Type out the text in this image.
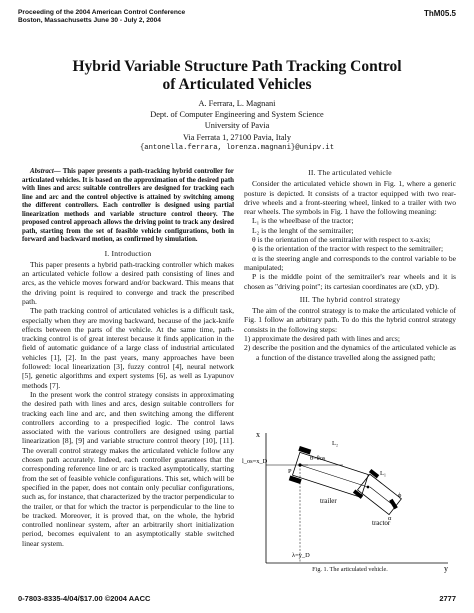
Proceeding of the 2004 American Control Conference
Boston, Massachusetts June 30 - July 2, 2004
ThM05.5
Hybrid Variable Structure Path Tracking Control
of Articulated Vehicles
A. Ferrara, L. Magnani
Dept. of Computer Engineering and System Science
University of Pavia
Via Ferrata 1, 27100 Pavia, Italy
{antonella.ferrara, lorenza.magnani}@unipv.it

Abstract— This paper presents a path-tracking hybrid controller for articulated vehicles. It is based on the approximation of the desired path with lines and arcs: suitable controllers are designed for tracking each line and arc and the control objective is attained by switching among the different controllers. Each controller is designed using partial linearization methods and variable structure control theory. The proposed control approach allows the driving point to track any desired path, starting from the set of feasible vehicle configurations, both in forward and backward motion, as confirmed by simulation.

I. Introduction

This paper presents a hybrid path-tracking controller which makes an articulated vehicle follow a desired path consisting of lines and arcs, as the vehicle moves forward and/or backward. This means that the driving point is required to converge and track the prescribed path.

The path tracking control of articulated vehicles is a difficult task, especially when they are moving backward, because of the jack-knife effects between the parts of the vehicle. At the same time, path-tracking control is of great interest because it finds application in the field of automatic guidance of a large class of industrial articulated vehicles [1], [2]. In the past years, many approaches have been followed: local linearization [3], fuzzy control [4], neural network [5], genetic algorithms and expert systems [6], as well as Lyapunov methods [7].

In the present work the control strategy consists in approximating the desired path with lines and arcs, design suitable controllers for tracking each line and arc, and then switching among the different controllers according to a prespecified logic. The control laws associated with the various controllers are designed using partial linearization [8], [9] and variable structure control theory [10], [11]. The overall control strategy makes the articulated vehicle follow any chosen path accurately. Indeed, each controller guarantees that the corresponding reference line or arc is tracked asymptotically, starting from the set of feasible vehicle configurations. This set, which will be specified in the paper, does not contain only peculiar configurations, such as, for instance, that characterized by the tractor perpendicular to the trailer, or that for which the tractor is perpendicular to the line to be tracked. Moreover, it is proved that, on the whole, the hybrid controlled nonlinear system, after an arbitrarily short initialization period, becomes equivalent to an asymptotically stable switched linear system.

II. The articulated vehicle

Consider the articulated vehicle shown in Fig. 1, where a generic posture is depicted. It consists of a tractor equipped with two rear-drive wheels and a front-steering wheel, linked to a trailer with two rear wheels. The symbols in Fig. 1 have the following meaning:

L₁ is the wheelbase of the tractor;

L₂ is the lenght of the semitrailer;

θ is the orientation of the semitrailer with respect to x-axis;

ϕ is the orientation of the tractor with respect to the semitrailer;

α is the steering angle and corresponds to the control variable to be manipulated;

P is the middle point of the semitrailer's rear wheels and it is chosen as "driving point"; its cartesian coordinates are (xD, yD).

III. The hybrid control strategy

The aim of the control strategy is to make the articulated vehicle of Fig. 1 follow an arbitrary path. To do this the hybrid control strategy consists in the following steps:

1) approximate the desired path with lines and arcs;

2) describe the position and the dynamics of the articulated vehicle as a function of the distance travelled along the assigned path;

x
y
l_os=x_D
λ=y_D
P
L₂
L₁
θ=θos
ϕ
α
trailer
tractor
Fig. 1. The articulated vehicle.
0-7803-8335-4/04/$17.00 ©2004 AACC	2777
